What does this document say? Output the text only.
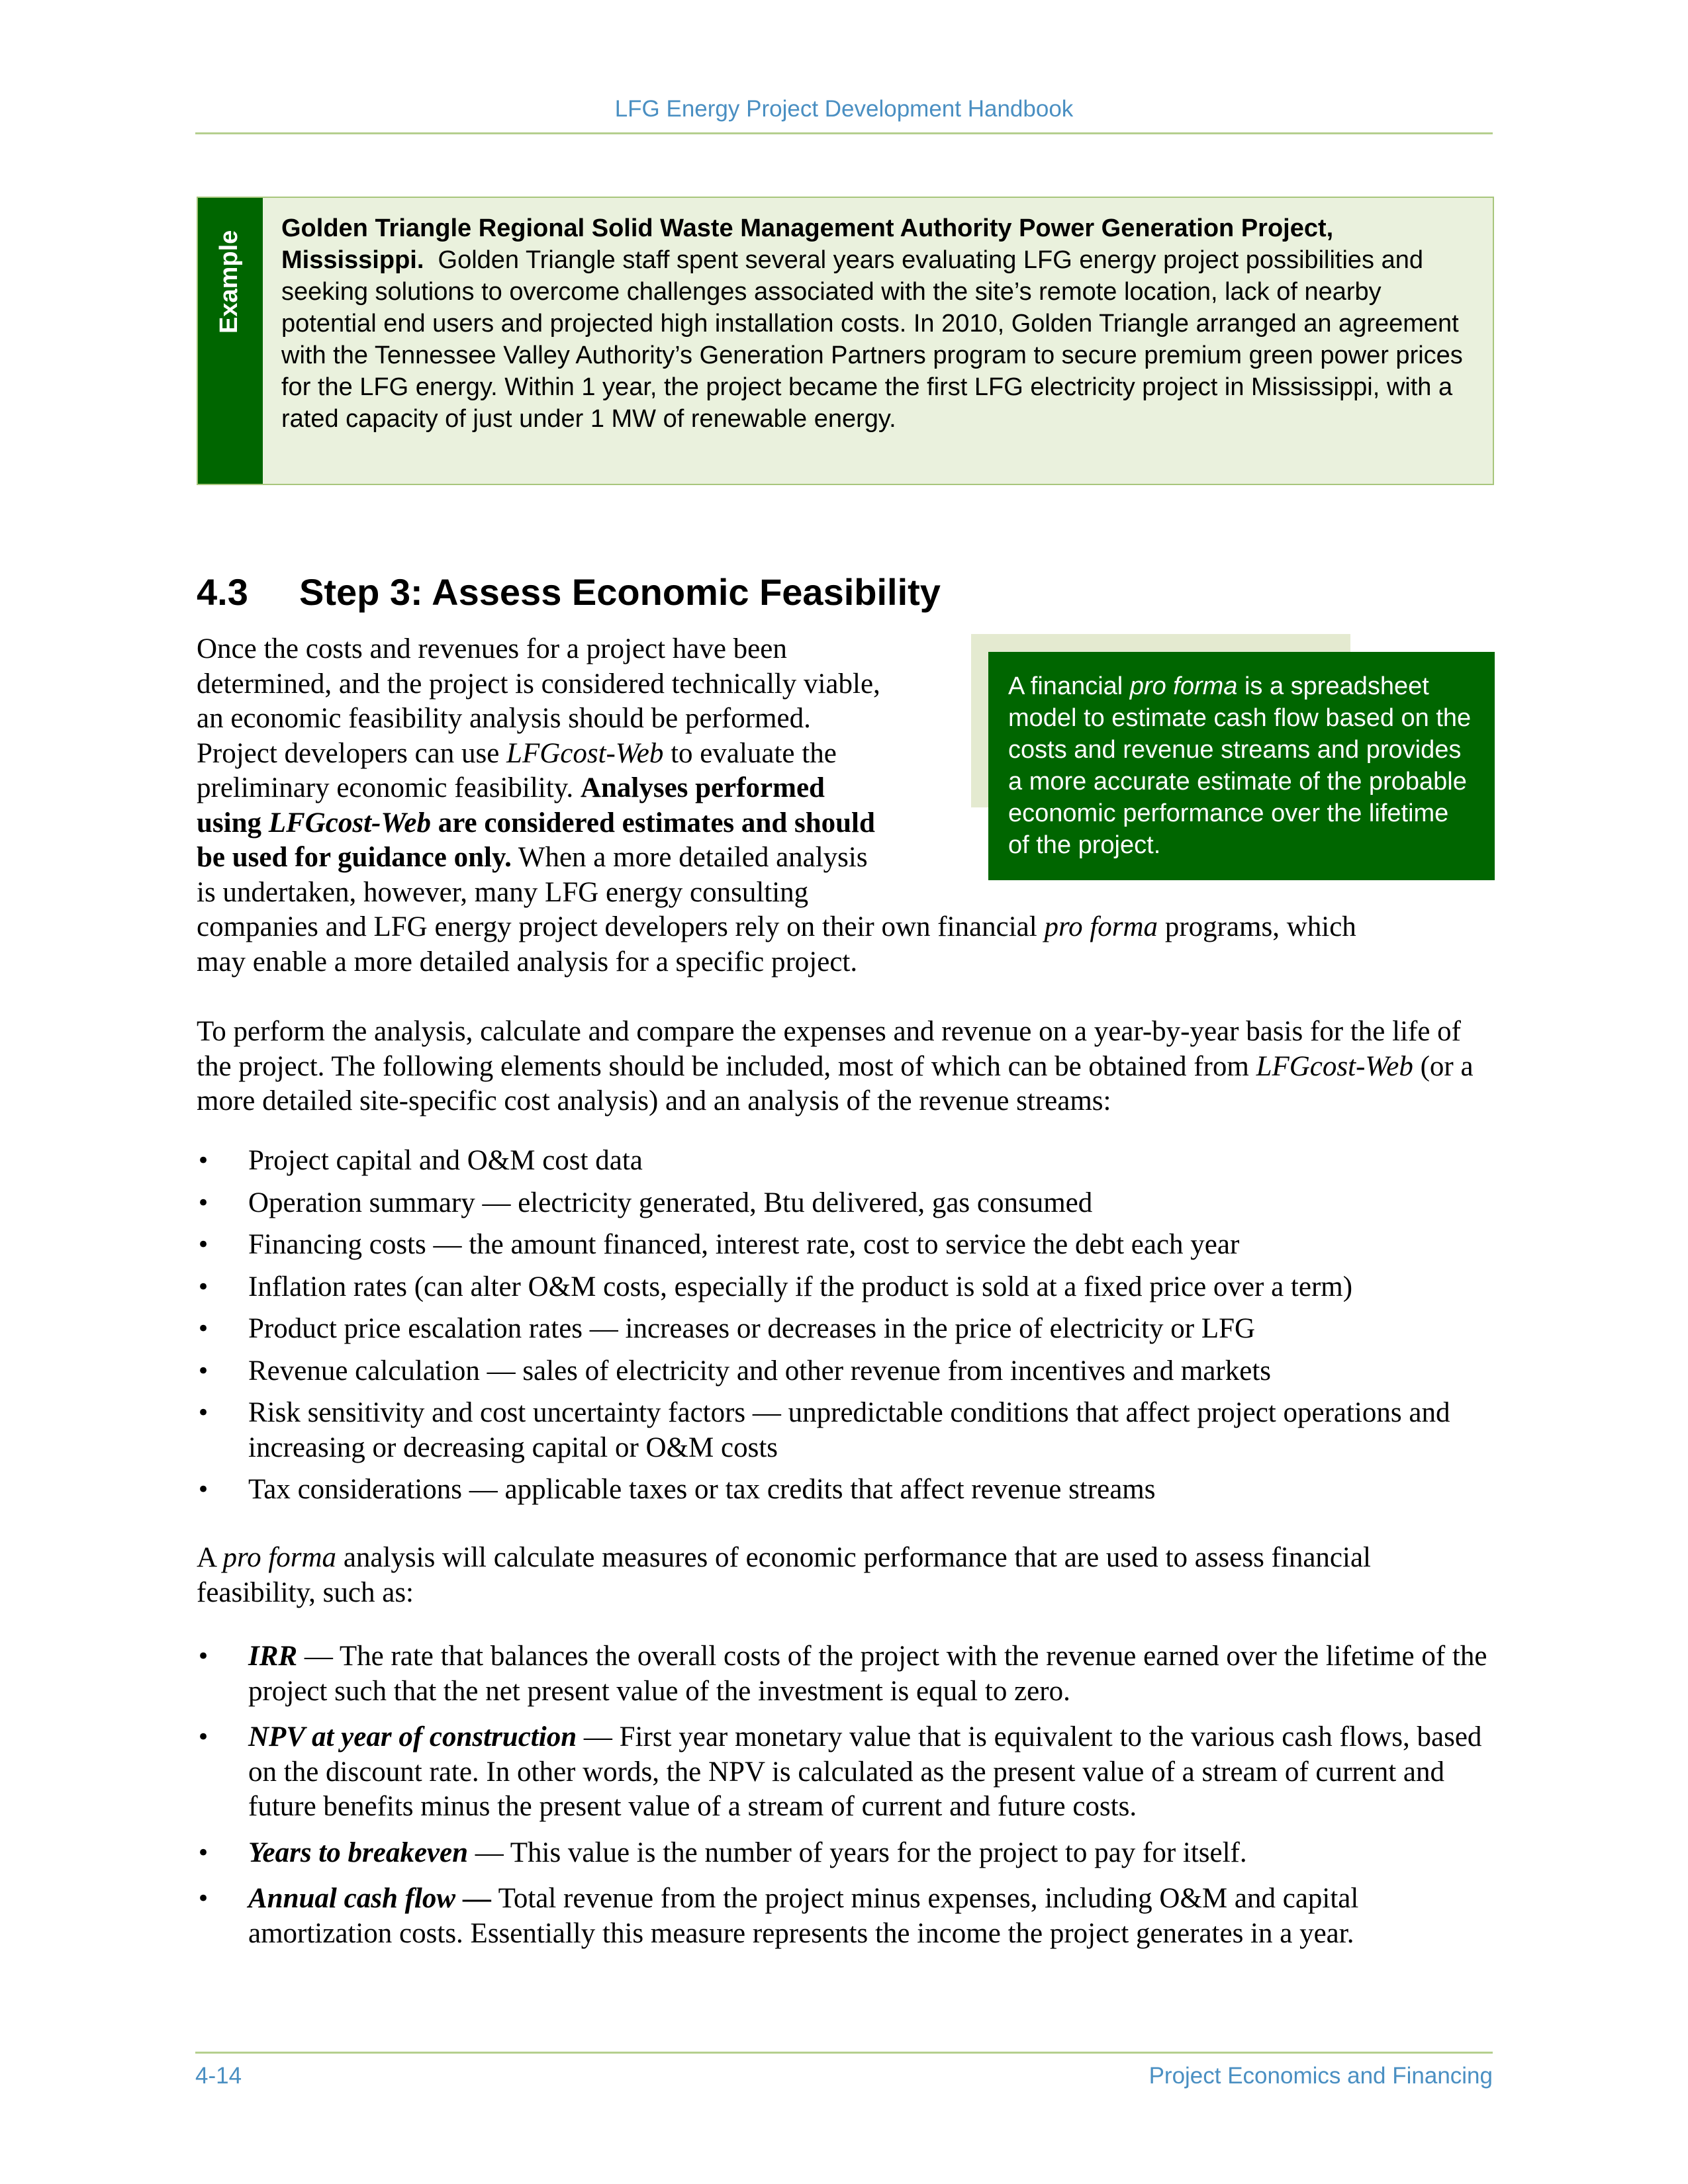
LFG Energy Project Development Handbook
Example
Golden Triangle Regional Solid Waste Management Authority Power Generation Project, Mississippi. Golden Triangle staff spent several years evaluating LFG energy project possibilities and seeking solutions to overcome challenges associated with the site’s remote location, lack of nearby potential end users and projected high installation costs. In 2010, Golden Triangle arranged an agreement with the Tennessee Valley Authority’s Generation Partners program to secure premium green power prices for the LFG energy. Within 1 year, the project became the first LFG electricity project in Mississippi, with a rated capacity of just under 1 MW of renewable energy.
4.3 Step 3: Assess Economic Feasibility
A financial pro forma is a spreadsheet model to estimate cash flow based on the costs and revenue streams and provides a more accurate estimate of the probable economic performance over the lifetime of the project.
Once the costs and revenues for a project have been
determined, and the project is considered technically viable,
an economic feasibility analysis should be performed.
Project developers can use LFGcost-Web to evaluate the
preliminary economic feasibility. Analyses performed
using LFGcost-Web are considered estimates and should
be used for guidance only. When a more detailed analysis
is undertaken, however, many LFG energy consulting
companies and LFG energy project developers rely on their own financial pro forma programs, which
may enable a more detailed analysis for a specific project.
To perform the analysis, calculate and compare the expenses and revenue on a year-by-year basis for the life of the project. The following elements should be included, most of which can be obtained from LFGcost-Web (or a more detailed site-specific cost analysis) and an analysis of the revenue streams:
• Project capital and O&M cost data
• Operation summary — electricity generated, Btu delivered, gas consumed
• Financing costs — the amount financed, interest rate, cost to service the debt each year
• Inflation rates (can alter O&M costs, especially if the product is sold at a fixed price over a term)
• Product price escalation rates — increases or decreases in the price of electricity or LFG
• Revenue calculation — sales of electricity and other revenue from incentives and markets
• Risk sensitivity and cost uncertainty factors — unpredictable conditions that affect project operations and increasing or decreasing capital or O&M costs
• Tax considerations — applicable taxes or tax credits that affect revenue streams
A pro forma analysis will calculate measures of economic performance that are used to assess financial feasibility, such as:
• IRR — The rate that balances the overall costs of the project with the revenue earned over the lifetime of the project such that the net present value of the investment is equal to zero.
• NPV at year of construction — First year monetary value that is equivalent to the various cash flows, based on the discount rate. In other words, the NPV is calculated as the present value of a stream of current and future benefits minus the present value of a stream of current and future costs.
• Years to breakeven — This value is the number of years for the project to pay for itself.
• Annual cash flow — Total revenue from the project minus expenses, including O&M and capital amortization costs. Essentially this measure represents the income the project generates in a year.
4-14	Project Economics and Financing
